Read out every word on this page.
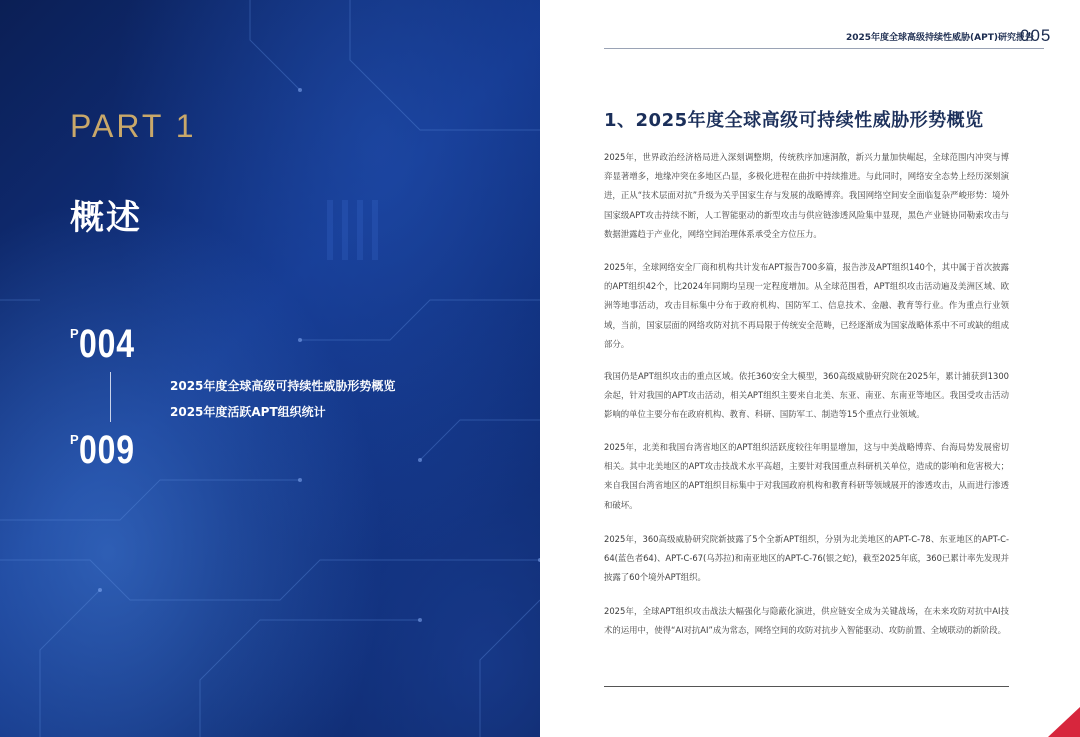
PART 1
概述
$^P$004
$^P$009
2025年度全球高级可持续性威胁形势概览
2025年度活跃APT组织统计
2025年度全球高级持续性威胁(APT)研究报告
005
1、2025年度全球高级可持续性威胁形势概览

2025年，世界政治经济格局进入深刻调整期，传统秩序加速洞散，新兴力量加快崛起，全球范围内冲突与博弈显著增多，地缘冲突在多地区凸显，多极化进程在曲折中持续推进。与此同时，网络安全态势上经历深刻演进，正从“技术层面对抗”升级为关乎国家生存与发展的战略博弈。我国网络空间安全面临复杂严峻形势：境外国家级APT攻击持续不断，人工智能驱动的新型攻击与供应链渗透风险集中显现，黑色产业链协同勒索攻击与数据泄露趋于产业化，网络空间治理体系承受全方位压力。

2025年，全球网络安全厂商和机构共计发布APT报告700多篇，报告涉及APT组织140个，其中属于首次披露的APT组织42个，比2024年同期均呈现一定程度增加。从全球范围看，APT组织攻击活动遍及美洲区域、欧洲等地事活动，攻击目标集中分布于政府机构、国防军工、信息技术、金融、教育等行业。作为重点行业领域，当前，国家层面的网络攻防对抗不再局限于传统安全范畴，已经逐渐成为国家战略体系中不可或缺的组成部分。

我国仍是APT组织攻击的重点区域。依托360安全大模型，360高级威胁研究院在2025年，累计捕获到1300余起，针对我国的APT攻击活动，相关APT组织主要来自北美、东亚、南亚、东南亚等地区。我国受攻击活动影响的单位主要分布在政府机构、教育、科研、国防军工、制造等15个重点行业领域。

2025年，北美和我国台湾省地区的APT组织活跃度较往年明显增加，这与中美战略博弈、台海局势发展密切相关。其中北美地区的APT攻击技战术水平高超，主要针对我国重点科研机关单位，造成的影响和危害极大；来自我国台湾省地区的APT组织目标集中于对我国政府机构和教育科研等领域展开的渗透攻击，从而进行渗透和破坏。

2025年，360高级威胁研究院新披露了5个全新APT组织，分别为北美地区的APT-C-78、东亚地区的APT-C-64(蓝色者64)、APT-C-67(乌苏拉)和南亚地区的APT-C-76(银之蛇)，截至2025年底，360已累计率先发现并披露了60个境外APT组织。

2025年，全球APT组织攻击战法大幅强化与隐蔽化演进，供应链安全成为关键战场，在未来攻防对抗中AI技术的运用中，使得“AI对抗AI”成为常态，网络空间的攻防对抗步入智能驱动、攻防前置、全域联动的新阶段。
